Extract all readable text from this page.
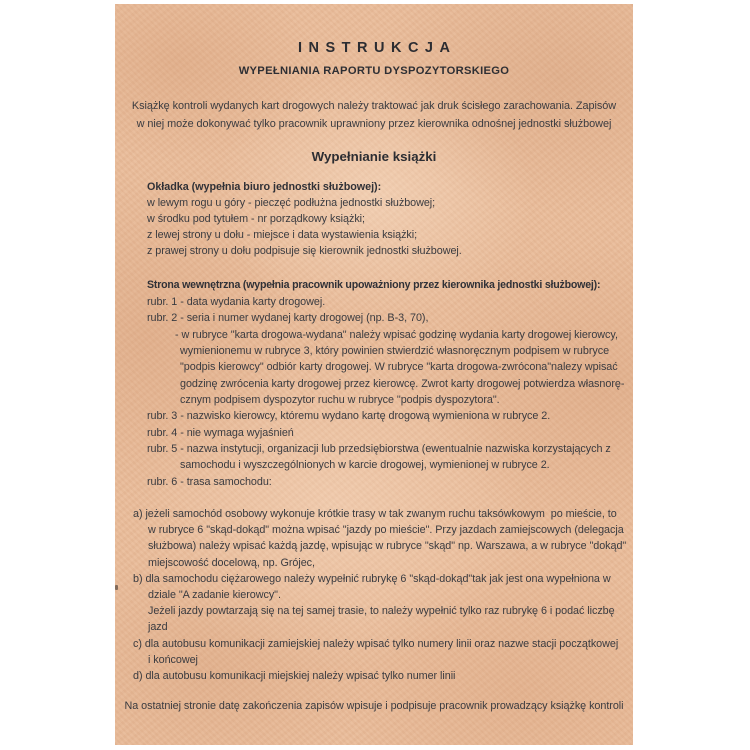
INSTRUKCJA
WYPEŁNIANIA RAPORTU DYSPOZYTORSKIEGO
Książkę kontroli wydanych kart drogowych należy traktować jak druk ścisłego zarachowania. Zapisów
w niej może dokonywać tylko pracownik uprawniony przez kierownika odnośnej jednostki służbowej
Wypełnianie książki
Okładka (wypełnia biuro jednostki służbowej):
w lewym rogu u góry - pieczęć podłużna jednostki służbowej;
w środku pod tytułem - nr porządkowy książki;
z lewej strony u dołu - miejsce i data wystawienia książki;
z prawej strony u dołu podpisuje się kierownik jednostki służbowej.
Strona wewnętrzna (wypełnia pracownik upoważniony przez kierownika jednostki służbowej):
rubr. 1 - data wydania karty drogowej.
rubr. 2 - seria i numer wydanej karty drogowej (np. B-3, 70),
- w rubryce "karta drogowa-wydana" należy wpisać godzinę wydania karty drogowej kierowcy,
wymienionemu w rubryce 3, który powinien stwierdzić własnoręcznym podpisem w rubryce
"podpis kierowcy" odbiór karty drogowej. W rubryce "karta drogowa-zwrócona"nalezy wpisać
godzinę zwrócenia karty drogowej przez kierowcę. Zwrot karty drogowej potwierdza własnorę-
cznym podpisem dyspozytor ruchu w rubryce "podpis dyspozytora".
rubr. 3 - nazwisko kierowcy, któremu wydano kartę drogową wymieniona w rubryce 2.
rubr. 4 - nie wymaga wyjaśnień
rubr. 5 - nazwa instytucji, organizacji lub przedsiębiorstwa (ewentualnie nazwiska korzystających z
samochodu i wyszczególnionych w karcie drogowej, wymienionej w rubryce 2.
rubr. 6 - trasa samochodu:
a) jeżeli samochód osobowy wykonuje krótkie trasy w tak zwanym ruchu taksówkowym  po mieście, to
w rubryce 6 "skąd-dokąd" można wpisać "jazdy po mieście". Przy jazdach zamiejscowych (delegacja
służbowa) należy wpisać każdą jazdę, wpisując w rubryce "skąd" np. Warszawa, a w rubryce "dokąd"
miejscowość docelową, np. Grójec,
b) dla samochodu ciężarowego należy wypełnić rubrykę 6 "skąd-dokąd"tak jak jest ona wypełniona w
dziale "A zadanie kierowcy".
Jeżeli jazdy powtarzają się na tej samej trasie, to należy wypełnić tylko raz rubrykę 6 i podać liczbę
jazd
c) dla autobusu komunikacji zamiejskiej należy wpisać tylko numery linii oraz nazwe stacji początkowej
i końcowej
d) dla autobusu komunikacji miejskiej należy wpisać tylko numer linii
Na ostatniej stronie datę zakończenia zapisów wpisuje i podpisuje pracownik prowadzący książkę kontroli
